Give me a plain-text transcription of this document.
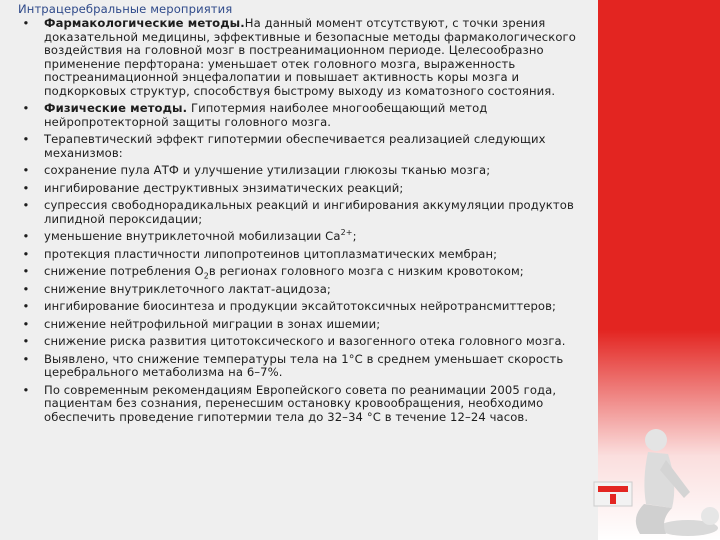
Интрацеребральные мероприятия
• Фармакологические методы.На данный момент отсутствуют, с точки зрения доказательной медицины, эффективные и безопасные методы фармакологического воздействия на головной мозг в постреанимационном периоде. Целесообразно применение перфторана: уменьшает отек головного мозга, выраженность постреанимационной энцефалопатии и повышает активность коры мозга и подкорковых структур, способствуя быстрому выходу из коматозного состояния.
• Физические методы. Гипотермия наиболее многообещающий метод нейропротекторной защиты головного мозга.
• Терапевтический эффект гипотермии обеспечивается реализацией следующих механизмов:
• сохранение пула АТФ и улучшение утилизации глюкозы тканью мозга;
• ингибирование деструктивных энзиматических реакций;
• супрессия свободнорадикальных реакций и ингибирования аккумуляции продуктов липидной пероксидации;
• уменьшение внутриклеточной мобилизации $Са^{2+}$;
• протекция пластичности липопротеинов цитоплазматических мембран;
• снижение потребления $О_2в$ регионах головного мозга с низким кровотоком;
• снижение внутриклеточного лактат-ацидоза;
• ингибирование биосинтеза и продукции эксайтотоксичных нейротрансмиттеров;
• снижение нейтрофильной миграции в зонах ишемии;
• снижение риска развития цитотоксического и вазогенного отека головного мозга.
• Выявлено, что снижение температуры тела на 1°С в среднем уменьшает скорость церебрального метаболизма на 6–7%.
• По современным рекомендациям Европейского совета по реанимации 2005 года, пациентам без сознания, перенесшим остановку кровообращения, необходимо обеспечить проведение гипотермии тела до 32–34 °С в течение 12–24 часов.
